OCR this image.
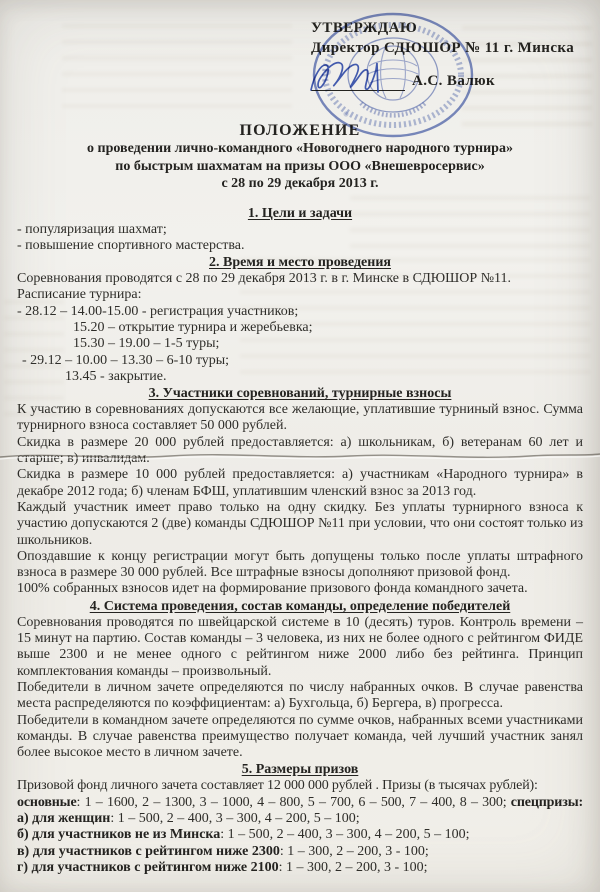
УТВЕРЖДАЮ
Директор СДЮШОР № 11 г. Минска
А.С. Валюк
ПОЛОЖЕНИЕ
о проведении лично-командного «Новогоднего народного турнира»
по быстрым шахматам на призы ООО «Внешевросервис»
с 28 по 29 декабря 2013 г.
1. Цели и задачи
- популяризация шахмат;
- повышение спортивного мастерства.
2. Время и место проведения
Соревнования проводятся с 28 по 29 декабря 2013 г. в г. Минске в СДЮШОР №11.
Расписание турнира:
- 28.12 – 14.00-15.00 - регистрация участников;
15.20 – открытие турнира и жеребьевка;
15.30 – 19.00 – 1-5 туры;
- 29.12 – 10.00 – 13.30 – 6-10 туры;
13.45 - закрытие.
3. Участники соревнований, турнирные взносы

К участию в соревнованиях допускаются все желающие, уплатившие турниный взнос. Сумма турнирного взноса составляет 50 000 рублей.

Скидка в размере 20 000 рублей предоставляется: а) школьникам, б) ветеранам 60 лет и старше; в) инвалидам.

Скидка в размере 10 000 рублей предоставляется: а) участникам «Народного турнира» в декабре 2012 года; б) членам БФШ, уплатившим членский взнос за 2013 год.

Каждый участник имеет право только на одну скидку. Без уплаты турнирного взноса к участию допускаются 2 (две) команды СДЮШОР №11 при условии, что они состоят только из школьников.

Опоздавшие к концу регистрации могут быть допущены только после уплаты штрафного взноса в размере 30 000 рублей. Все штрафные взносы дополняют призовой фонд.

100% собранных взносов идет на формирование призового фонда командного зачета.

4. Система проведения, состав команды, определение победителей

Соревнования проводятся по швейцарской системе в 10 (десять) туров. Контроль времени – 15 минут на партию. Состав команды – 3 человека, из них не более одного с рейтингом ФИДЕ выше 2300 и не менее одного с рейтингом ниже 2000 либо без рейтинга. Принцип комплектования команды – произвольный.

Победители в личном зачете определяются по числу набранных очков. В случае равенства места распределяются по коэффициентам: а) Бухгольца, б) Бергера, в) прогресса.

Победители в командном зачете определяются по сумме очков, набранных всеми участниками команды. В случае равенства преимущество получает команда, чей лучший участник занял более высокое место в личном зачете.

5. Размеры призов
Призовой фонд личного зачета составляет 12 000 000 рублей . Призы (в тысячах рублей):
основные: 1 – 1600, 2 – 1300, 3 – 1000, 4 – 800, 5 – 700, 6 – 500, 7 – 400, 8 – 300; спецпризы:
а) для женщин: 1 – 500, 2 – 400, 3 – 300, 4 – 200, 5 – 100;
б) для участников не из Минска: 1 – 500, 2 – 400, 3 – 300, 4 – 200, 5 – 100;
в) для участников с рейтингом ниже 2300: 1 – 300, 2 – 200, 3 - 100;
г) для участников с рейтингом ниже 2100: 1 – 300, 2 – 200, 3 - 100;
